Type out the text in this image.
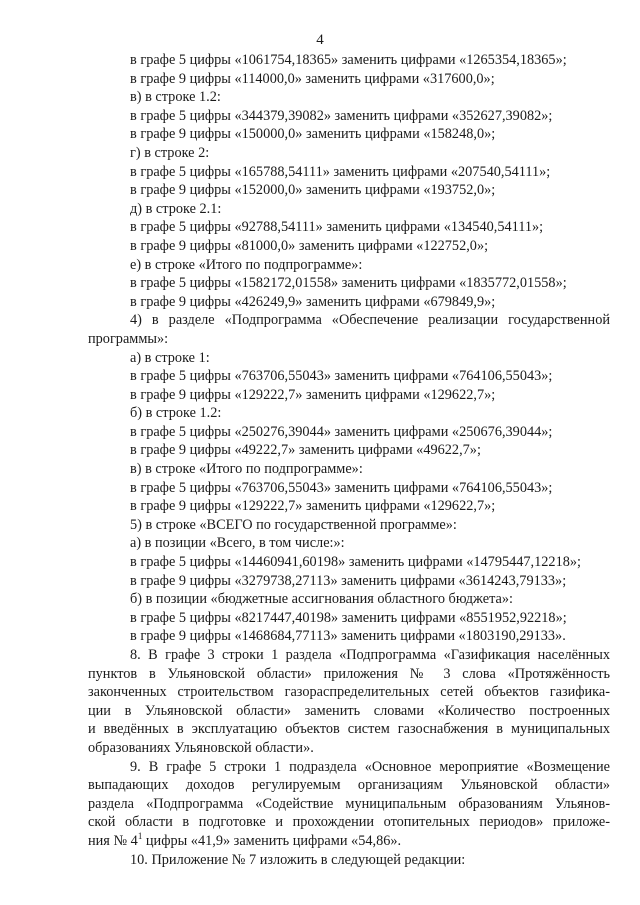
4
в графе 5 цифры «1061754,18365» заменить цифрами «1265354,18365»;
в графе 9 цифры «114000,0» заменить цифрами «317600,0»;
в) в строке 1.2:
в графе 5 цифры «344379,39082» заменить цифрами «352627,39082»;
в графе 9 цифры «150000,0» заменить цифрами «158248,0»;
г) в строке 2:
в графе 5 цифры «165788,54111» заменить цифрами «207540,54111»;
в графе 9 цифры «152000,0» заменить цифрами «193752,0»;
д) в строке 2.1:
в графе 5 цифры «92788,54111» заменить цифрами «134540,54111»;
в графе 9 цифры «81000,0» заменить цифрами «122752,0»;
е) в строке «Итого по подпрограмме»:
в графе 5 цифры «1582172,01558» заменить цифрами «1835772,01558»;
в графе 9 цифры «426249,9» заменить цифрами «679849,9»;
4) в разделе «Подпрограмма «Обеспечение реализации государственной
программы»:
а) в строке 1:
в графе 5 цифры «763706,55043» заменить цифрами «764106,55043»;
в графе 9 цифры «129222,7» заменить цифрами «129622,7»;
б) в строке 1.2:
в графе 5 цифры «250276,39044» заменить цифрами «250676,39044»;
в графе 9 цифры «49222,7» заменить цифрами «49622,7»;
в) в строке «Итого по подпрограмме»:
в графе 5 цифры «763706,55043» заменить цифрами «764106,55043»;
в графе 9 цифры «129222,7» заменить цифрами «129622,7»;
5) в строке «ВСЕГО по государственной программе»:
а) в позиции «Всего, в том числе:»:
в графе 5 цифры «14460941,60198» заменить цифрами «14795447,12218»;
в графе 9 цифры «3279738,27113» заменить цифрами «3614243,79133»;
б) в позиции «бюджетные ассигнования областного бюджета»:
в графе 5 цифры «8217447,40198» заменить цифрами «8551952,92218»;
в графе 9 цифры «1468684,77113» заменить цифрами «1803190,29133».
8. В графе 3 строки 1 раздела «Подпрограмма «Газификация населённых
пунктов в Ульяновской области» приложения № 3 слова «Протяжённость
законченных строительством газораспределительных сетей объектов газифика-
ции в Ульяновской области» заменить словами «Количество построенных
и введённых в эксплуатацию объектов систем газоснабжения в муниципальных
образованиях Ульяновской области».
9. В графе 5 строки 1 подраздела «Основное мероприятие «Возмещение
выпадающих доходов регулируемым организациям Ульяновской области»
раздела «Подпрограмма «Содействие муниципальным образованиям Ульянов-
ской области в подготовке и прохождении отопительных периодов» приложе-
ния № $4^1$ цифры «41,9» заменить цифрами «54,86».
10. Приложение № 7 изложить в следующей редакции:
